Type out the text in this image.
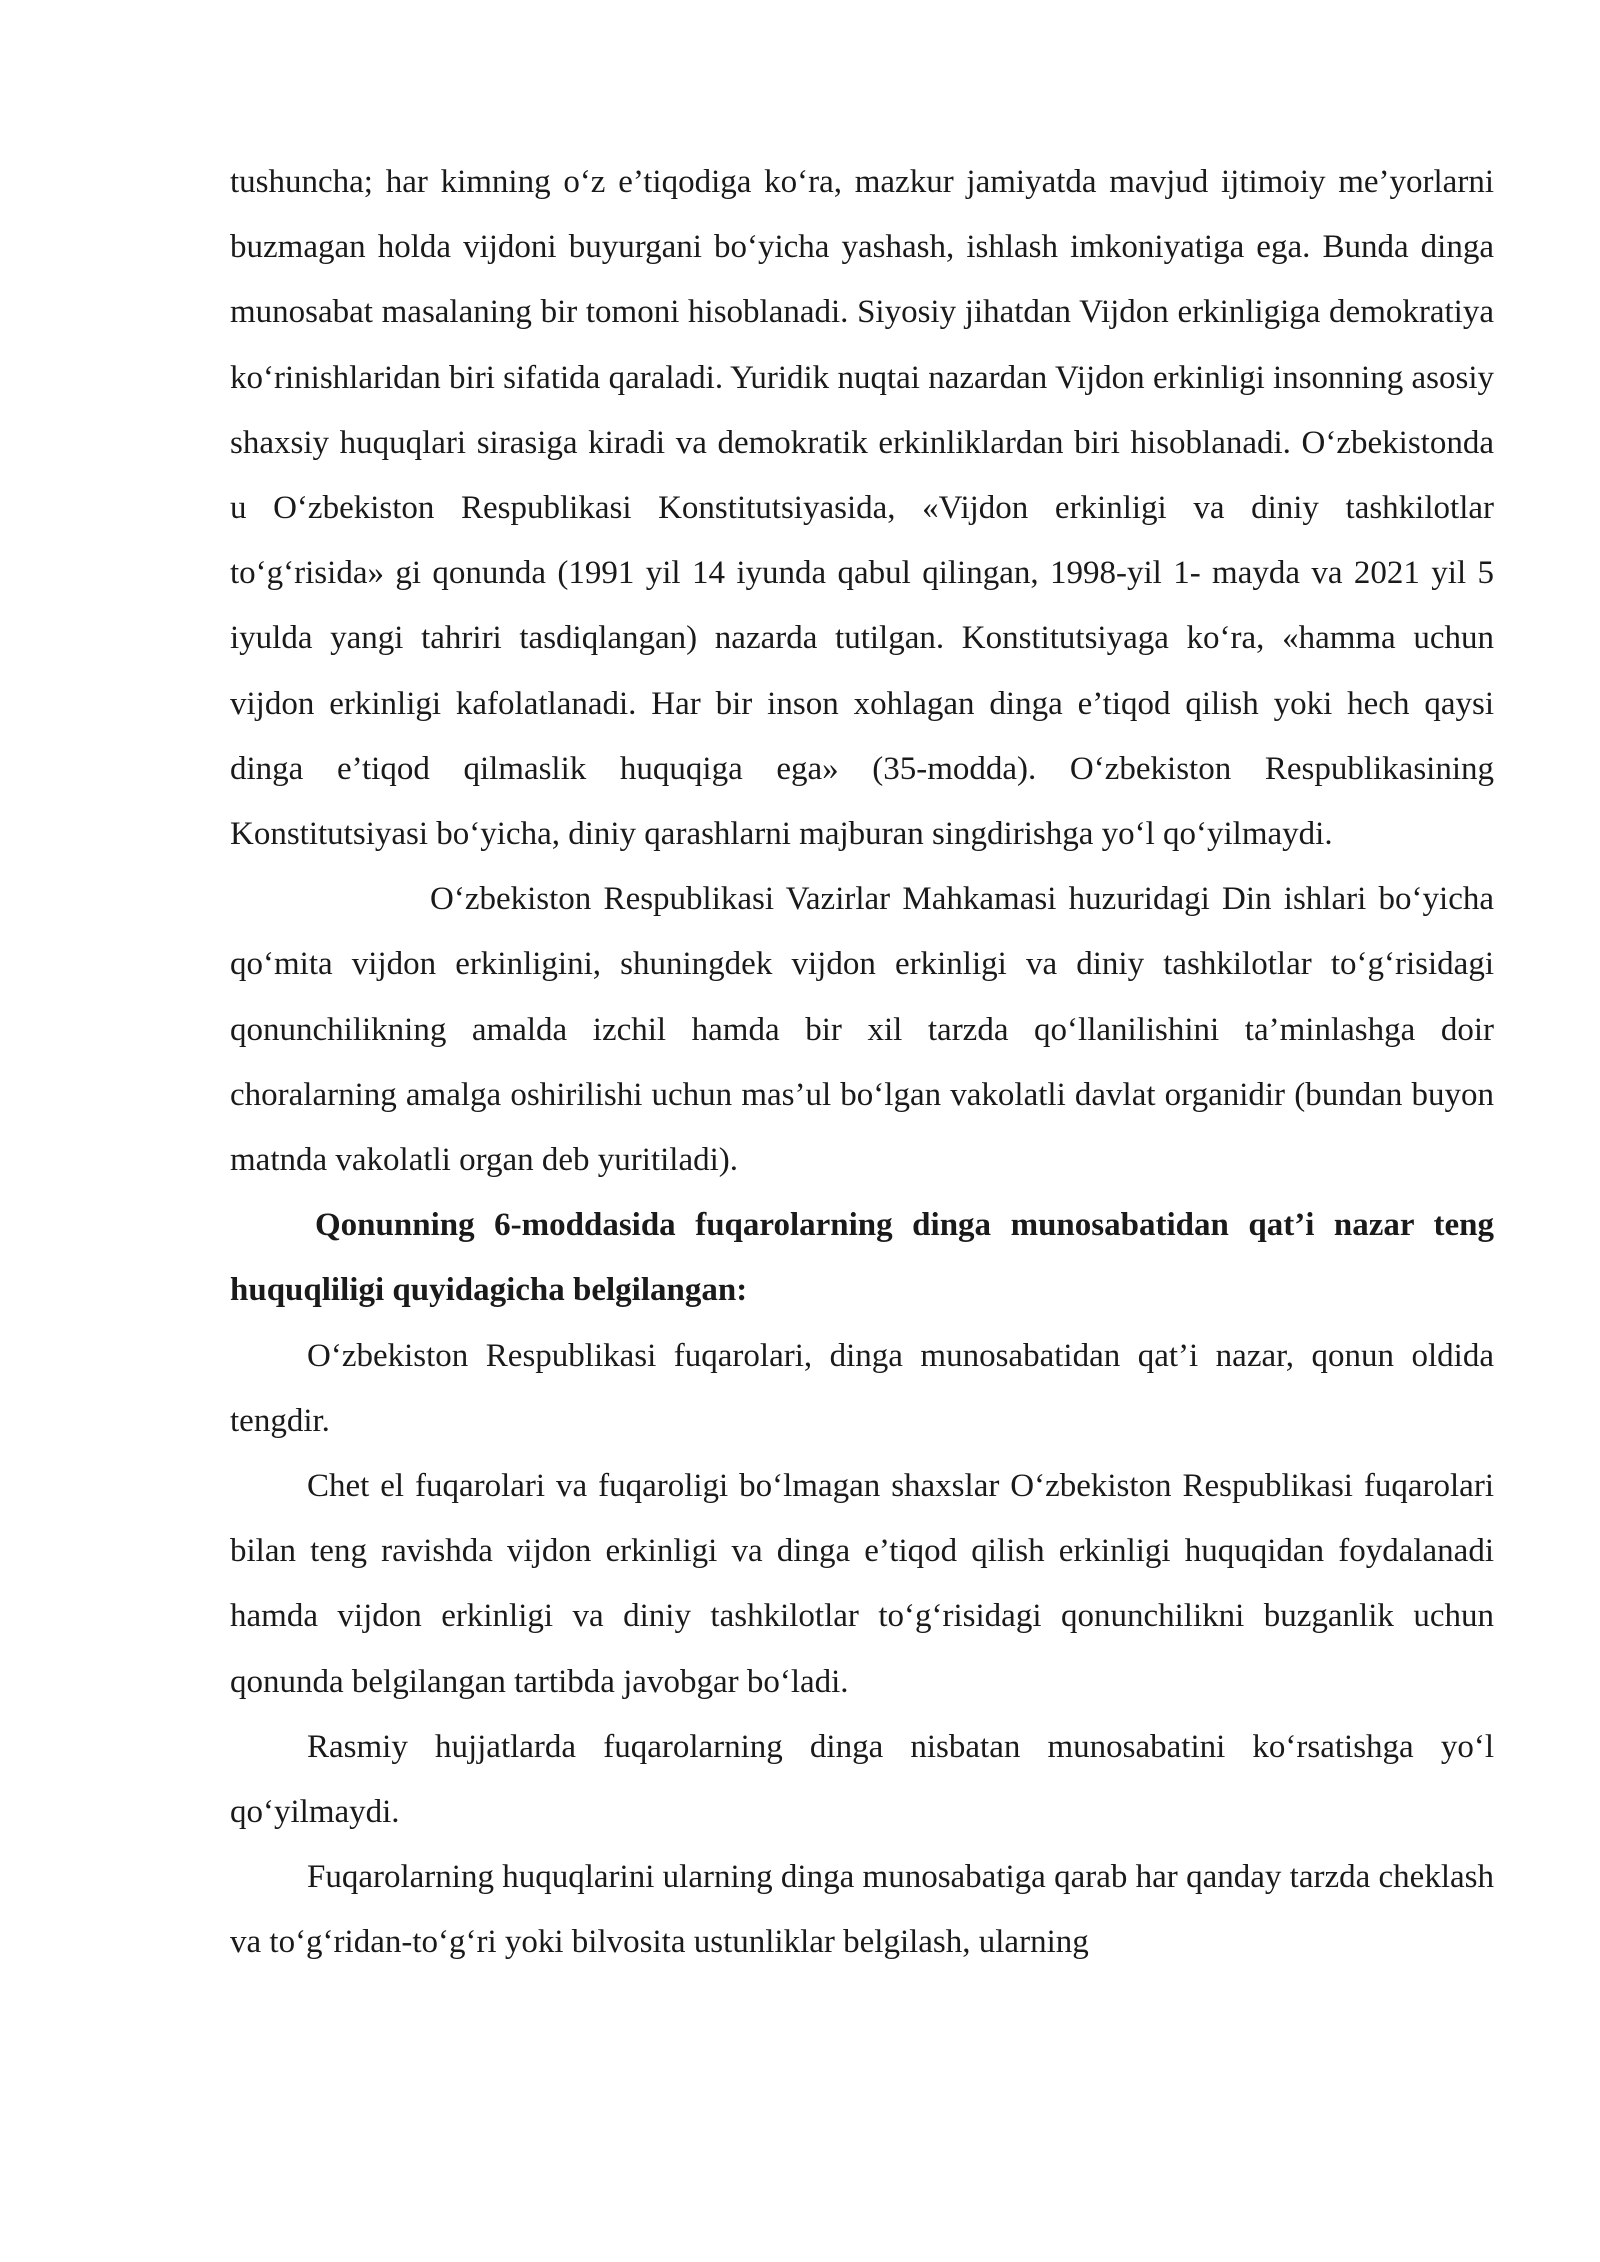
tushuncha; har kimning o‘z e’tiqodiga ko‘ra, mazkur jamiyatda mavjud ijtimoiy me’yorlarni buzmagan holda vijdoni buyurgani bo‘yicha yashash, ishlash imkoniyatiga ega. Bunda dinga munosabat masalaning bir tomoni hisoblanadi. Siyosiy jihatdan Vijdon erkinligiga demokratiya ko‘rinishlaridan biri sifatida qaraladi. Yuridik nuqtai nazardan Vijdon erkinligi insonning asosiy shaxsiy huquqlari sirasiga kiradi va demokratik erkinliklardan biri hisoblanadi. O‘zbekistonda u O‘zbekiston Respublikasi Konstitutsiyasida, «Vijdon erkinligi va diniy tashkilotlar to‘g‘risida» gi qonunda (1991 yil 14 iyunda qabul qilingan, 1998-yil 1- mayda va 2021 yil 5 iyulda yangi tahriri tasdiqlangan) nazarda tutilgan. Konstitutsiyaga ko‘ra, «hamma uchun vijdon erkinligi kafolatlanadi. Har bir inson xohlagan dinga e’tiqod qilish yoki hech qaysi dinga e’tiqod qilmaslik huquqiga ega» (35-modda). O‘zbekiston Respublikasining Konstitutsiyasi bo‘yicha, diniy qarashlarni majburan singdirishga yo‘l qo‘yilmaydi.

O‘zbekiston Respublikasi Vazirlar Mahkamasi huzuridagi Din ishlari bo‘yicha qo‘mita vijdon erkinligini, shuningdek vijdon erkinligi va diniy tashkilotlar to‘g‘risidagi qonunchilikning amalda izchil hamda bir xil tarzda qo‘llanilishini ta’minlashga doir choralarning amalga oshirilishi uchun mas’ul bo‘lgan vakolatli davlat organidir (bundan buyon matnda vakolatli organ deb yuritiladi).

Qonunning 6-moddasida fuqarolarning dinga munosabatidan qat’i nazar teng huquqliligi quyidagicha belgilangan:

O‘zbekiston Respublikasi fuqarolari, dinga munosabatidan qat’i nazar, qonun oldida tengdir.

Chet el fuqarolari va fuqaroligi bo‘lmagan shaxslar O‘zbekiston Respublikasi fuqarolari bilan teng ravishda vijdon erkinligi va dinga e’tiqod qilish erkinligi huquqidan foydalanadi hamda vijdon erkinligi va diniy tashkilotlar to‘g‘risidagi qonunchilikni buzganlik uchun qonunda belgilangan tartibda javobgar bo‘ladi.

Rasmiy hujjatlarda fuqarolarning dinga nisbatan munosabatini ko‘rsatishga yo‘l qo‘yilmaydi.

Fuqarolarning huquqlarini ularning dinga munosabatiga qarab har qanday tarzda cheklash va to‘g‘ridan-to‘g‘ri yoki bilvosita ustunliklar belgilash, ularning
